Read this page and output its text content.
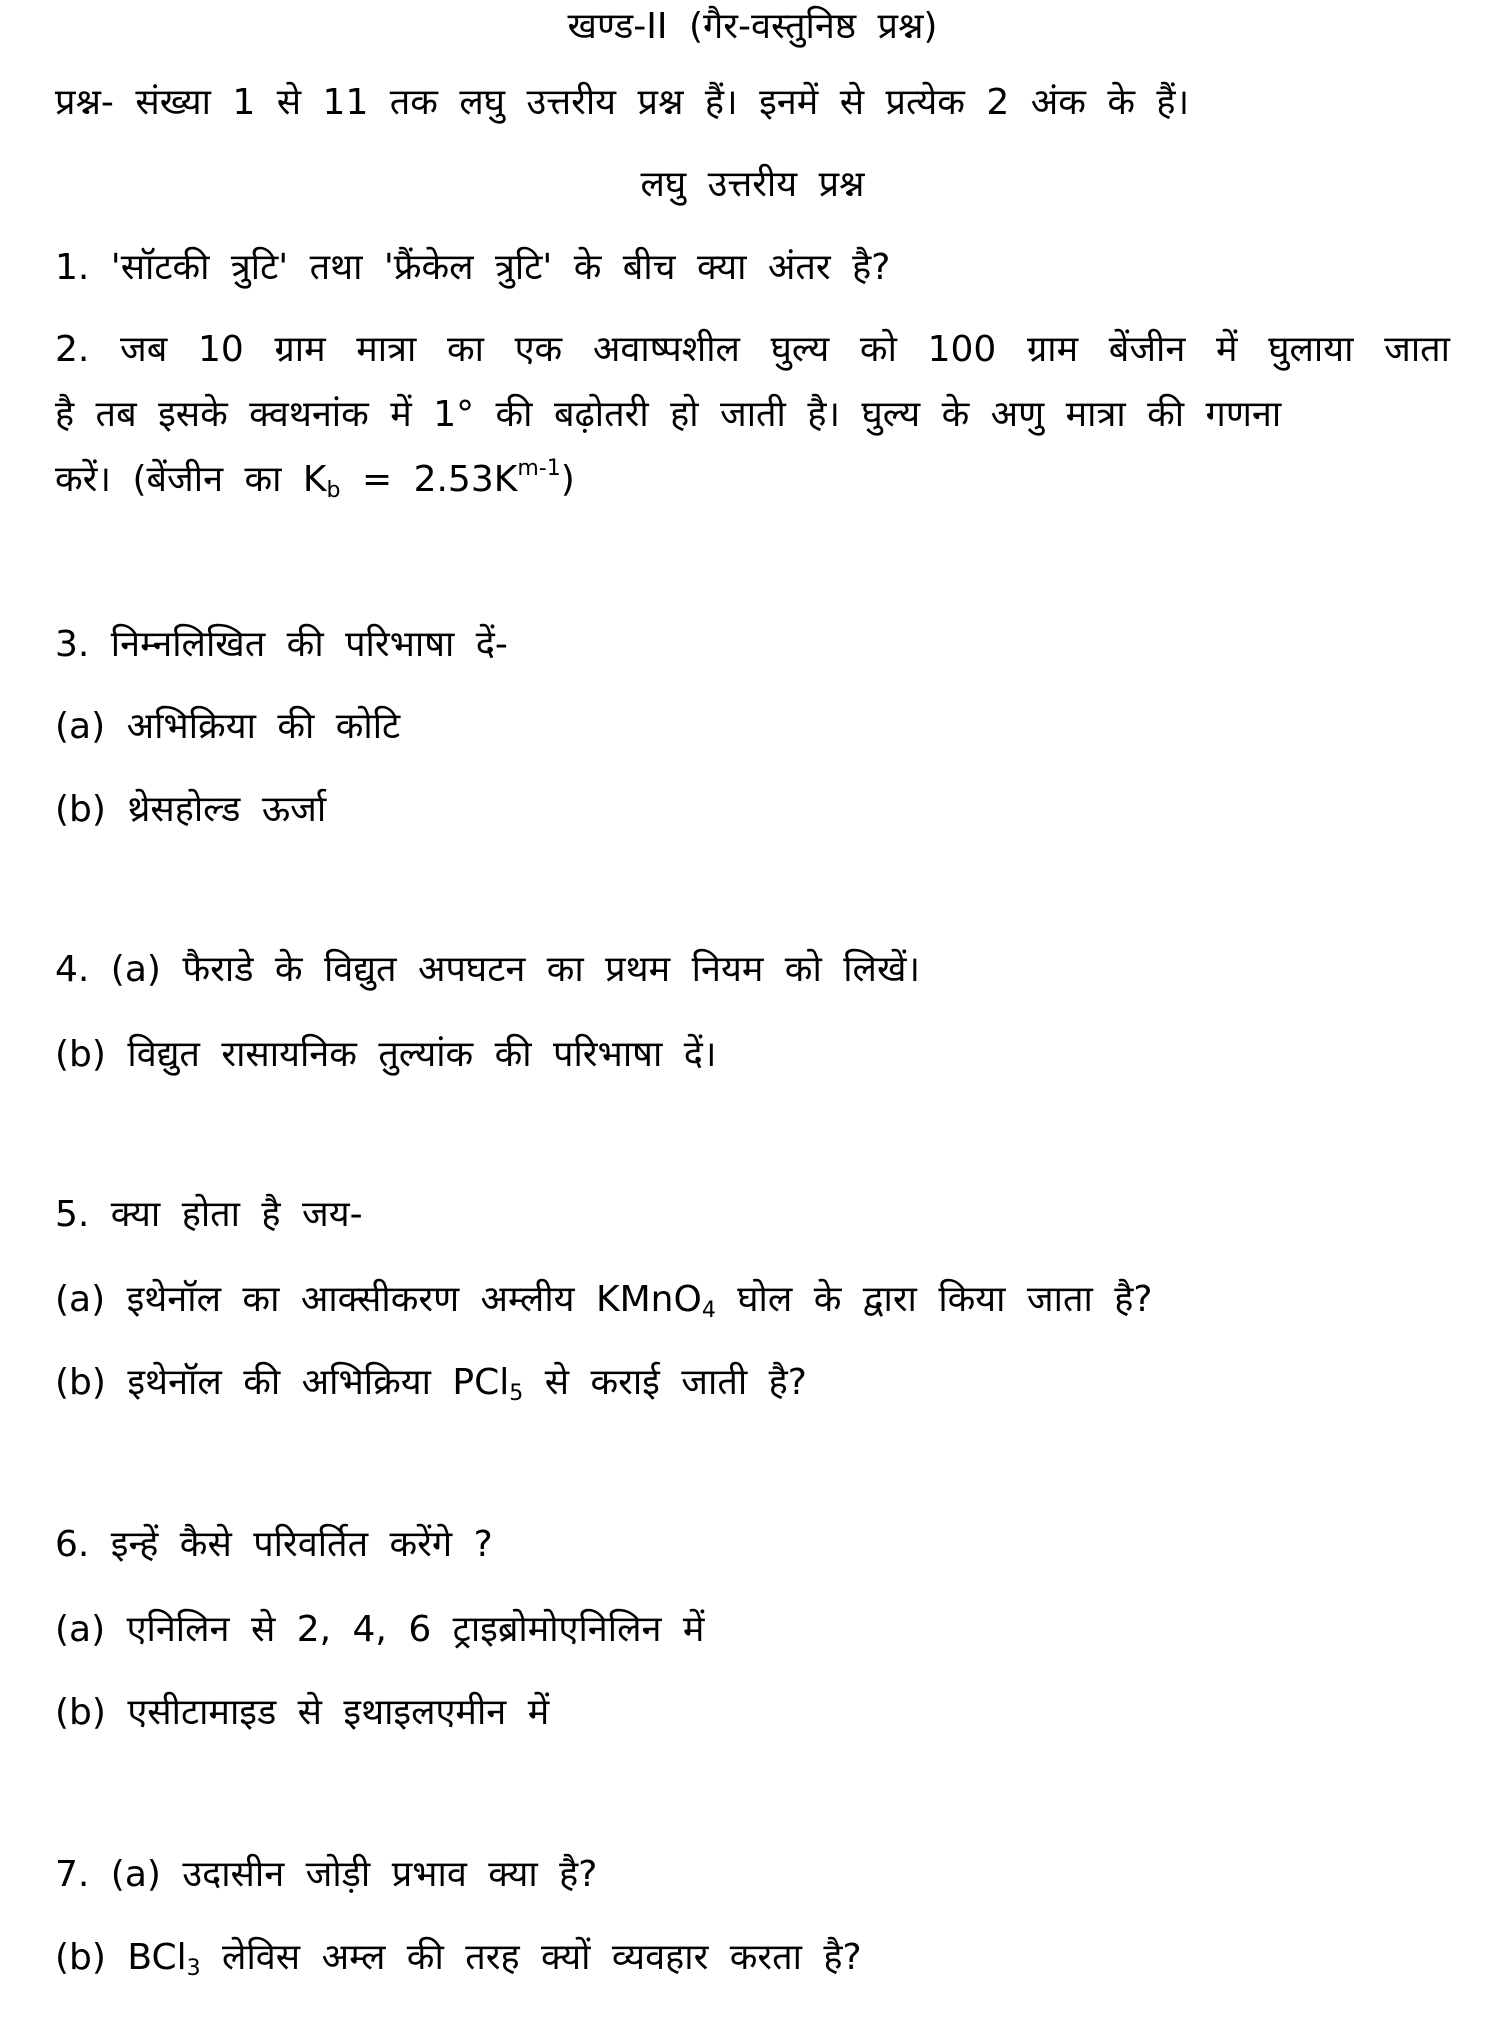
खण्ड-II (गैर-वस्तुनिष्ठ प्रश्न)
प्रश्न- संख्या 1 से 11 तक लघु उत्तरीय प्रश्न हैं। इनमें से प्रत्येक 2 अंक के हैं।
लघु उत्तरीय प्रश्न
1. 'सॉटकी त्रुटि' तथा 'फ्रैंकेल त्रुटि' के बीच क्या अंतर है?
2. जब 10 ग्राम मात्रा का एक अवाष्पशील घुल्य को 100 ग्राम बेंजीन में घुलाया जाता
है तब इसके क्वथनांक में 1° की बढ़ोतरी हो जाती है। घुल्य के अणु मात्रा की गणना
करें। (बेंजीन का $K_b = 2.53K^{m-1}$)
3. निम्नलिखित की परिभाषा दें-
(a) अभिक्रिया की कोटि
(b) थ्रेसहोल्ड ऊर्जा
4. (a) फैराडे के विद्युत अपघटन का प्रथम नियम को लिखें।
(b) विद्युत रासायनिक तुल्यांक की परिभाषा दें।
5. क्या होता है जय-
(a) इथेनॉल का आक्सीकरण अम्लीय KMnO$_4$ घोल के द्वारा किया जाता है?
(b) इथेनॉल की अभिक्रिया PCl$_5$ से कराई जाती है?
6. इन्हें कैसे परिवर्तित करेंगे ?
(a) एनिलिन से 2, 4, 6 ट्राइब्रोमोएनिलिन में
(b) एसीटामाइड से इथाइलएमीन में
7. (a) उदासीन जोड़ी प्रभाव क्या है?
(b) BCl$_3$ लेविस अम्ल की तरह क्यों व्यवहार करता है?
